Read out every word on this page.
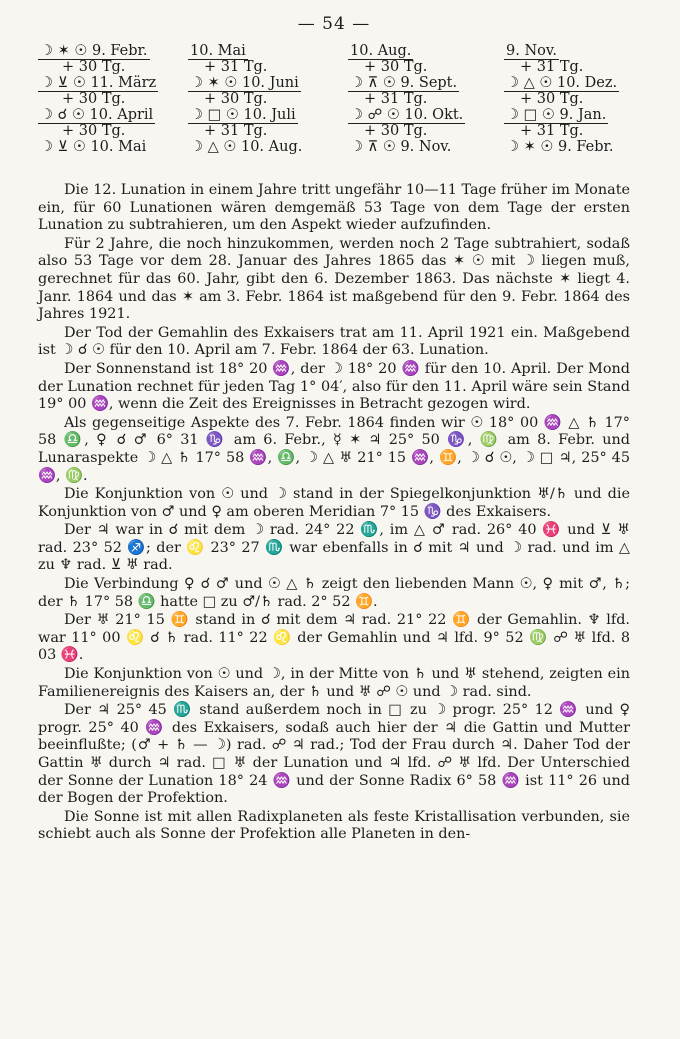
— 54 —
☽ ✶ ☉ 9. Febr.
+ 30 Tg.
☽ ⊻ ☉ 11. März
+ 30 Tg.
☽ ☌ ☉ 10. April
+ 30 Tg.
☽ ⊻ ☉ 10. Mai
10. Mai
+ 31 Tg.
☽ ✶ ☉ 10. Juni
+ 30 Tg.
☽ □ ☉ 10. Juli
+ 31 Tg.
☽ △ ☉ 10. Aug.
10. Aug.
+ 30 Tg.
☽ ⊼ ☉ 9. Sept.
+ 31 Tg.
☽ ☍ ☉ 10. Okt.
+ 30 Tg.
☽ ⊼ ☉ 9. Nov.
9. Nov.
+ 31 Tg.
☽ △ ☉ 10. Dez.
+ 30 Tg.
☽ □ ☉ 9. Jan.
+ 31 Tg.
☽ ✶ ☉ 9. Febr.

Die 12. Lunation in einem Jahre tritt ungefähr 10—11 Tage früher im Monate ein, für 60 Lunationen wären demgemäß 53 Tage von dem Tage der ersten Lunation zu subtrahieren, um den Aspekt wieder aufzufinden.

Für 2 Jahre, die noch hinzukommen, werden noch 2 Tage subtrahiert, sodaß also 53 Tage vor dem 28. Januar des Jahres 1865 das ✶ ☉ mit ☽ liegen muß, gerechnet für das 60. Jahr, gibt den 6. Dezember 1863. Das nächste ✶ liegt 4. Janr. 1864 und das ✶ am 3. Febr. 1864 ist maßgebend für den 9. Febr. 1864 des Jahres 1921.

Der Tod der Gemahlin des Exkaisers trat am 11. April 1921 ein. Maßgebend ist ☽ ☌ ☉ für den 10. April am 7. Febr. 1864 der 63. Lunation.

Der Sonnenstand ist 18° 20 ♒, der ☽ 18° 20 ♒ für den 10. April. Der Mond der Lunation rechnet für jeden Tag 1° 04′, also für den 11. April wäre sein Stand 19° 00 ♒, wenn die Zeit des Ereignisses in Betracht gezogen wird.

Als gegenseitige Aspekte des 7. Febr. 1864 finden wir ☉ 18° 00 ♒ △ ♄ 17° 58 ♎, ♀ ☌ ♂ 6° 31 ♑ am 6. Febr., ☿ ✶ ♃ 25° 50 ♑, ♍ am 8. Febr. und Lunaraspekte ☽ △ ♄ 17° 58 ♒, ♎, ☽ △ ♅ 21° 15 ♒, ♊, ☽ ☌ ☉, ☽ □ ♃, 25° 45 ♒, ♍.

Die Konjunktion von ☉ und ☽ stand in der Spiegelkonjunktion ♅/♄ und die Konjunktion von ♂ und ♀ am oberen Meridian 7° 15 ♑ des Exkaisers.

Der ♃ war in ☌ mit dem ☽ rad. 24° 22 ♏, im △ ♂ rad. 26° 40 ♓ und ⊻ ♅ rad. 23° 52 ♐; der ♌ 23° 27 ♏ war ebenfalls in ☌ mit ♃ und ☽ rad. und im △ zu ♆ rad. ⊻ ♅ rad.

Die Verbindung ♀ ☌ ♂ und ☉ △ ♄ zeigt den liebenden Mann ☉, ♀ mit ♂, ♄; der ♄ 17° 58 ♎ hatte □ zu ♂/♄ rad. 2° 52 ♊.

Der ♅ 21° 15 ♊ stand in ☌ mit dem ♃ rad. 21° 22 ♊ der Gemahlin. ♆ lfd. war 11° 00 ♌ ☌ ♄ rad. 11° 22 ♌ der Gemahlin und ♃ lfd. 9° 52 ♍ ☍ ♅ lfd. 8 03 ♓.

Die Konjunktion von ☉ und ☽, in der Mitte von ♄ und ♅ stehend, zeigten ein Familienereignis des Kaisers an, der ♄ und ♅ ☍ ☉ und ☽ rad. sind.

Der ♃ 25° 45 ♏ stand außerdem noch in □ zu ☽ progr. 25° 12 ♒ und ♀ progr. 25° 40 ♒ des Exkaisers, sodaß auch hier der ♃ die Gattin und Mutter beeinflußte; (♂ + ♄ — ☽) rad. ☍ ♃ rad.; Tod der Frau durch ♃. Daher Tod der Gattin ♅ durch ♃ rad. □ ♅ der Lunation und ♃ lfd. ☍ ♅ lfd. Der Unterschied der Sonne der Lunation 18° 24 ♒ und der Sonne Radix 6° 58 ♒ ist 11° 26 und der Bogen der Profektion.

Die Sonne ist mit allen Radixplaneten als feste Kristallisation verbunden, sie schiebt auch als Sonne der Profektion alle Planeten in den-
